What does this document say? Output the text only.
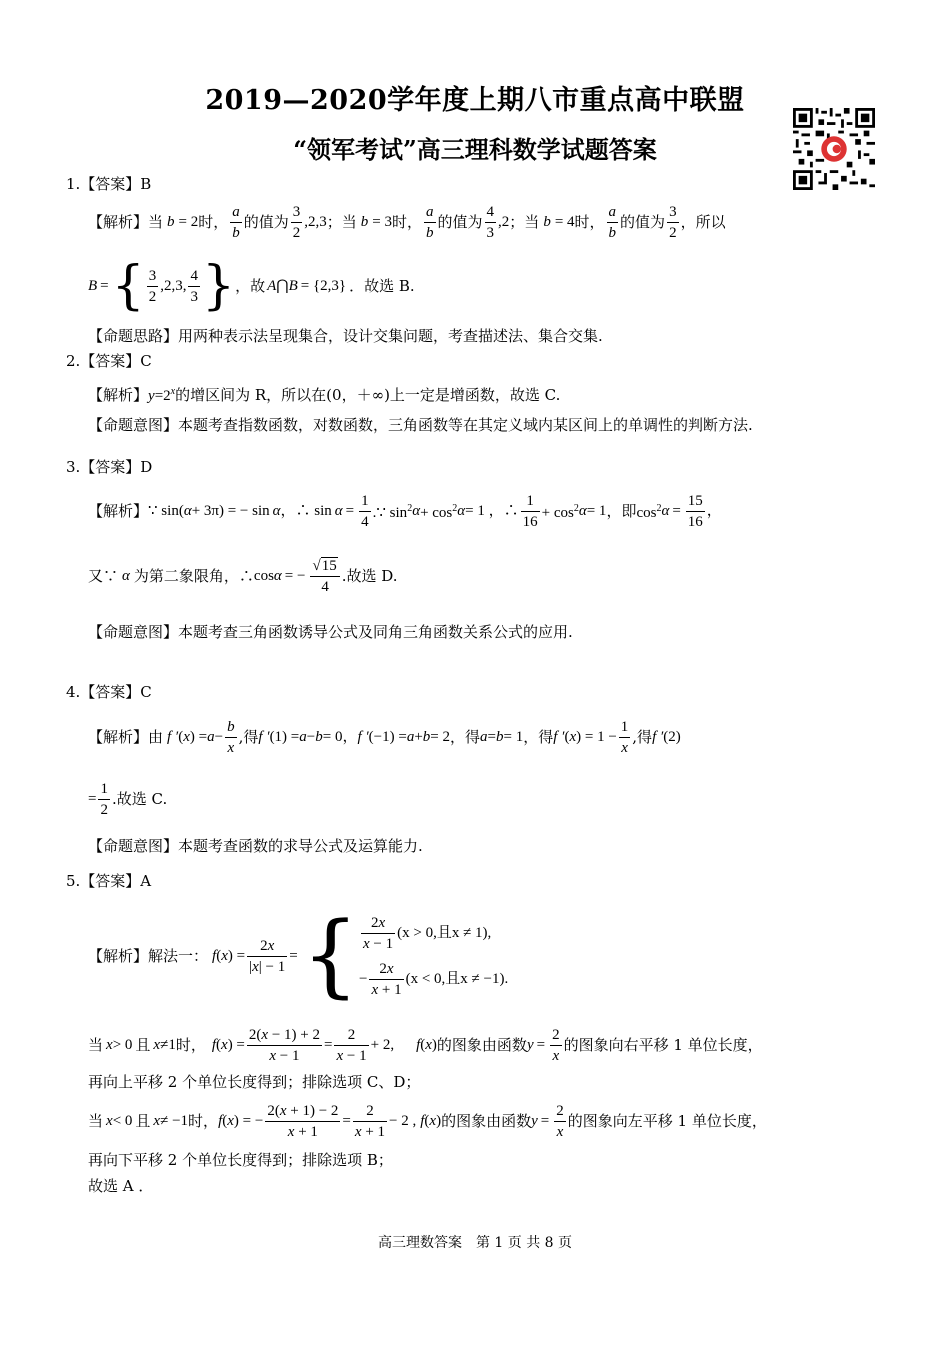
2019—2020学年度上期八市重点高中联盟
“领军考试”高三理科数学试题答案
1.【答案】B
【解析】 当 b = 2 时， $\frac{a}{b}$ 的值为 $\frac{3}{2} ,2,3$ ；当 b = 3 时， $\frac{a}{b}$ 的值为 $\frac{4}{3} ,2$ ；当 b = 4 时， $\frac{a}{b}$ 的值为 $\frac{3}{2}$ ，所以
B = { $\frac{3}{2} ,2,3$, $\frac{4}{3}$ } ，故 A ⋂ B = {2,3} ．故选 B.
【命题思路】用两种表示法呈现集合，设计交集问题，考查描述法、集合交集.
2.【答案】C
【解析】$y=2^x$的增区间为 R，所以在(0，＋∞)上一定是增函数，故选 C.
【命题意图】本题考查指数函数，对数函数，三角函数等在其定义域内某区间上的单调性的判断方法.
3.【答案】D
【解析】 ∵ sin( α + 3π) = − sin α ，∴ $\sin \alpha = \frac{1}{4}$ .∵ $\sin^2 \alpha + \cos^2 \alpha = 1$ ，∴ $\frac{1}{16} + \cos^2 \alpha = 1$ ，即 $\cos^2 \alpha = \frac{15}{16}$ ，
又∵ α 为第二象限角，∴ cos α = − $\frac{√15}{4}$ .故选 D.
【命题意图】本题考查三角函数诱导公式及同角三角函数关系公式的应用.
4.【答案】C
【解析】由 f ′ ( x ) = $a - \frac{b}{x}$ ,得 f ′ (1) = a − b = 0， f ′ (−1) = a + b = 2 ，得 a = b = 1 ，得 f ′ ( x ) = $1 - \frac{1}{x}$ ,得 f ′ (2)
= $\frac{1}{2}$ .故选 C.
【命题意图】本题考查函数的求导公式及运算能力.
5.【答案】A
【解析】解法一： f ( x ) = $\frac{2x}{|x| - 1}$ = { $\frac{2x}{x - 1} (x > 0$,且x ≠ 1),
− $\frac{2x}{x + 1} (x < 0$,且x ≠ −1).
当 x > 0 且 x ≠1 时， f ( x ) = $\frac{2(x - 1) + 2}{x - 1} = \frac{2}{x - 1} + 2$, f ( x ) 的图象由函数 $y = \frac{2}{x}$ 的图象向右平移 1 单位长度，
再向上平移 2 个单位长度得到；排除选项 C、D；
当 x < 0 且 x ≠ −1 时， f ( x ) = − $\frac{2(x + 1) - 2}{x + 1} = \frac{2}{x + 1} - 2$ , f ( x ) 的图象由函数 $y = \frac{2}{x}$ 的图象向左平移 1 单位长度，
再向下平移 2 个单位长度得到；排除选项 B；
故选 A ．
高三理数答案　第 1 页 共 8 页
